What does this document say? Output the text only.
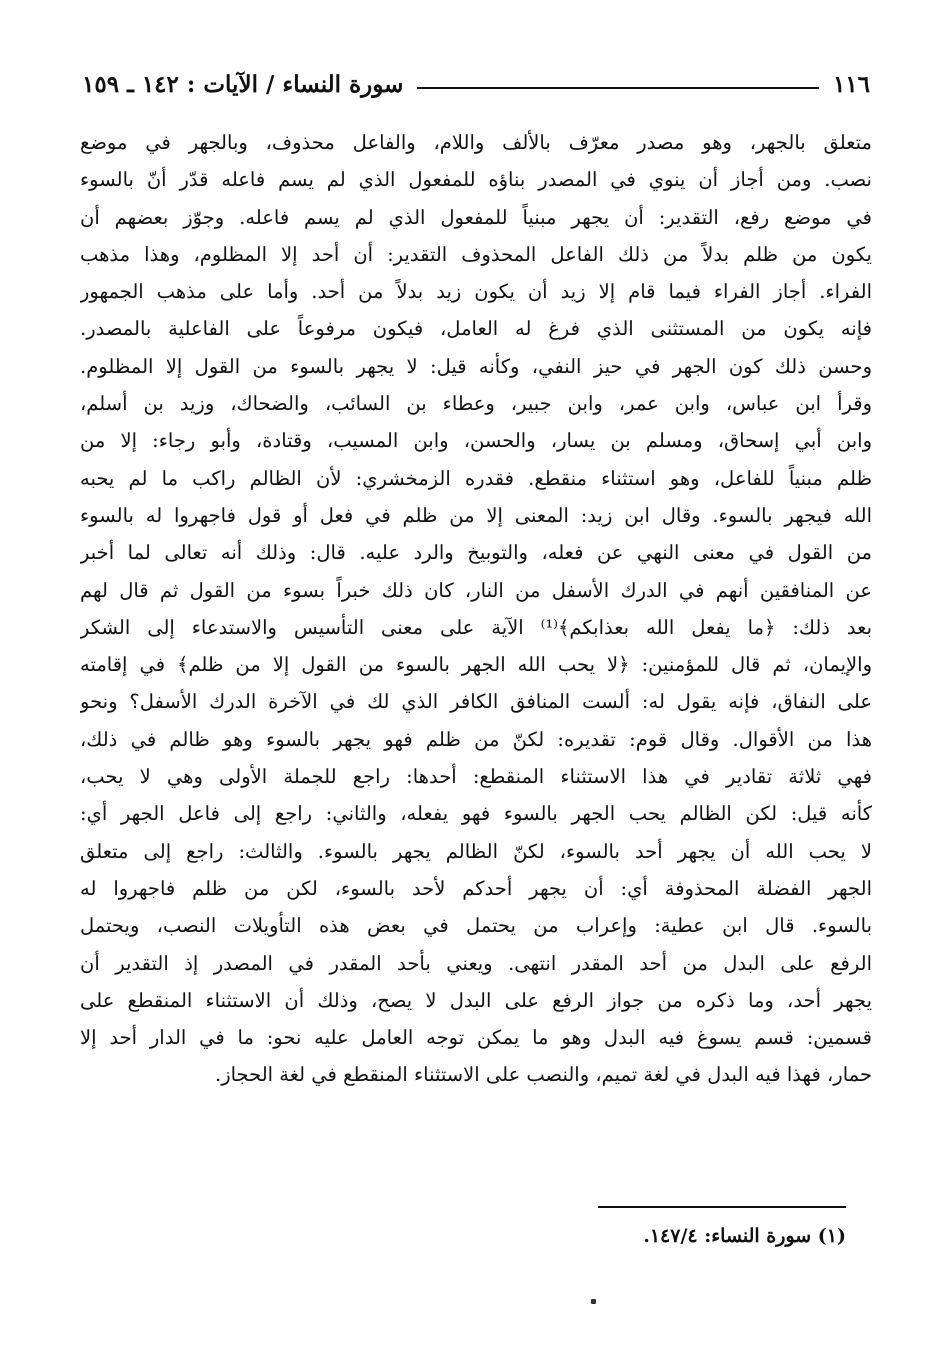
١١٦
سورة النساء / الآيات : ١٤٢ ـ ١٥٩
متعلق بالجهر، وهو مصدر معرّف بالألف واللام، والفاعل محذوف، وبالجهر في موضع
نصب. ومن أجاز أن ينوي في المصدر بناؤه للمفعول الذي لم يسم فاعله قدّر أنّ بالسوء
في موضع رفع، التقدير: أن يجهر مبنياً للمفعول الذي لم يسم فاعله. وجوّز بعضهم أن
يكون من ظلم بدلاً من ذلك الفاعل المحذوف التقدير: أن أحد إلا المظلوم، وهذا مذهب
الفراء. أجاز الفراء فيما قام إلا زيد أن يكون زيد بدلاً من أحد. وأما على مذهب الجمهور
فإنه يكون من المستثنى الذي فرغ له العامل، فيكون مرفوعاً على الفاعلية بالمصدر.
وحسن ذلك كون الجهر في حيز النفي، وكأنه قيل: لا يجهر بالسوء من القول إلا المظلوم.
وقرأ ابن عباس، وابن عمر، وابن جبير، وعطاء بن السائب، والضحاك، وزيد بن أسلم،
وابن أبي إسحاق، ومسلم بن يسار، والحسن، وابن المسيب، وقتادة، وأبو رجاء: إلا من
ظلم مبنياً للفاعل، وهو استثناء منقطع. فقدره الزمخشري: لأن الظالم راكب ما لم يحبه
الله فيجهر بالسوء. وقال ابن زيد: المعنى إلا من ظلم في فعل أو قول فاجهروا له بالسوء
من القول في معنى النهي عن فعله، والتوبيخ والرد عليه. قال: وذلك أنه تعالى لما أخبر
عن المنافقين أنهم في الدرك الأسفل من النار، كان ذلك خبراً بسوء من القول ثم قال لهم
بعد ذلك: ﴿ما يفعل الله بعذابكم﴾⁽¹⁾ الآية على معنى التأسيس والاستدعاء إلى الشكر
والإيمان، ثم قال للمؤمنين: ﴿لا يحب الله الجهر بالسوء من القول إلا من ظلم﴾ في إقامته
على النفاق، فإنه يقول له: ألست المنافق الكافر الذي لك في الآخرة الدرك الأسفل؟ ونحو
هذا من الأقوال. وقال قوم: تقديره: لكنّ من ظلم فهو يجهر بالسوء وهو ظالم في ذلك،
فهي ثلاثة تقادير في هذا الاستثناء المنقطع: أحدها: راجع للجملة الأولى وهي لا يحب،
كأنه قيل: لكن الظالم يحب الجهر بالسوء فهو يفعله، والثاني: راجع إلى فاعل الجهر أي:
لا يحب الله أن يجهر أحد بالسوء، لكنّ الظالم يجهر بالسوء. والثالث: راجع إلى متعلق
الجهر الفضلة المحذوفة أي: أن يجهر أحدكم لأحد بالسوء، لكن من ظلم فاجهروا له
بالسوء. قال ابن عطية: وإعراب من يحتمل في بعض هذه التأويلات النصب، ويحتمل
الرفع على البدل من أحد المقدر انتهى. ويعني بأحد المقدر في المصدر إذ التقدير أن
يجهر أحد، وما ذكره من جواز الرفع على البدل لا يصح، وذلك أن الاستثناء المنقطع على
قسمين: قسم يسوغ فيه البدل وهو ما يمكن توجه العامل عليه نحو: ما في الدار أحد إلا
حمار، فهذا فيه البدل في لغة تميم، والنصب على الاستثناء المنقطع في لغة الحجاز.
(١) سورة النساء: ١٤٧/٤.
